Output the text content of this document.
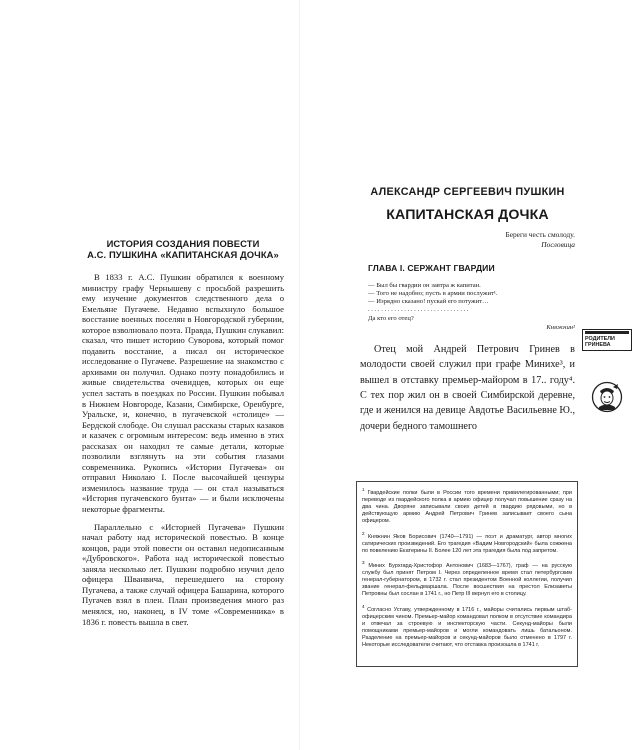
ИСТОРИЯ СОЗДАНИЯ ПОВЕСТИ

А.С. ПУШКИНА «КАПИТАНСКАЯ ДОЧКА»

В 1833 г. А.С. Пушкин обратился к военному министру графу Чернышеву с просьбой разрешить ему изучение документов следственного дела о Емельяне Пугачеве. Недавно вспыхнуло большое восстание военных поселян в Новгородской губернии, которое взволновало поэта. Правда, Пушкин слукавил: сказал, что пишет историю Суворова, который помог подавить восстание, а писал он историческое исследование о Пугачеве. Разрешение на знакомство с архивами он получил. Однако поэту понадобились и живые свидетельства очевидцев, которых он еще успел застать в поездках по России. Пушкин побывал в Нижнем Новгороде, Казани, Симбирске, Оренбурге, Уральске, и, конечно, в пугачевской «столице» — Бердской слободе. Он слушал рассказы старых казаков и казачек с огромным интересом: ведь именно в этих рассказах он находил те самые детали, которые позволили взглянуть на эти события глазами современника. Рукопись «Истории Пугачева» он отправил Николаю I. После высочайшей цензуры изменилось название труда — он стал называться «История пугачевского бунта» — и были исключены некоторые фрагменты.

Параллельно с «Историей Пугачева» Пушкин начал работу над исторической повестью. В конце концов, ради этой повести он оставил недописанным «Дубровского». Работа над исторической повестью заняла несколько лет. Пушкин подробно изучил дело офицера Шванвича, перешедшего на сторону Пугачева, а также случай офицера Башарина, которого Пугачев взял в плен. План произведения много раз менялся, но, наконец, в IV томе «Современника» в 1836 г. повесть вышла в свет.

АЛЕКСАНДР СЕРГЕЕВИЧ ПУШКИН

КАПИТАНСКАЯ ДОЧКА

Береги честь смолоду.
Пословица
ГЛАВА I. СЕРЖАНТ ГВАРДИИ
— Был бы гвардии он завтра ж капитан.
— Того не надобно; пусть в армии послужит¹.
— Изрядно сказано! пускай его потужит…
. . . . . . . . . . . . . . . . . . . . . . . . . . . . . . .
Да кто его отец?
Княжнин²

Отец мой Андрей Петрович Гринев в молодости своей служил при графе Минихе³, и вышел в отставку премьер-майором в 17.. году⁴. С тех пор жил он в своей Симбирской деревне, где и женился на девице Авдотье Васильевне Ю., дочери бедного тамошнего

$^1$ Гвардейские полки были в России того времени привилегированными; при переводе из гвардейского полка в армию офицер получал повышение сразу на два чина. Дворяне записывали своих детей в гвардию рядовыми, но в действующую армию Андрей Петрович Гринев записывает своего сына офицером.

$^2$ Княжнин Яков Борисович (1740—1791) — поэт и драматург, автор многих сатирических произведений. Его трагедия «Вадим Новгородский» была сожжена по повелению Екатерины II. Более 120 лет эта трагедия была под запретом.

$^3$ Миних Бурхгард-Христофор Антонович (1683—1767), граф — на русскую службу был принят Петром I. Через определенное время стал петербургским генерал-губернатором, в 1732 г. стал президентом Военной коллегии, получил звание генерал-фельдмаршала. После восшествия на престол Елизаветы Петровны был сослан в 1741 г., но Петр III вернул его в столицу.

$^4$ Согласно Уставу, утвержденному в 1716 г., майоры считались первым штаб-офицерским чином. Премьер-майор командовал полком в отсутствие командира и отвечал за строевую и инспекторскую части. Секунд-майоры были помощниками премьер-майоров и могли командовать лишь батальоном. Разделение на премьер-майоров и секунд-майоров было отменено в 1797 г. Некоторые исследователи считают, что отставка произошла в 1741 г.

РОДИТЕЛИ ГРИНЕВА
